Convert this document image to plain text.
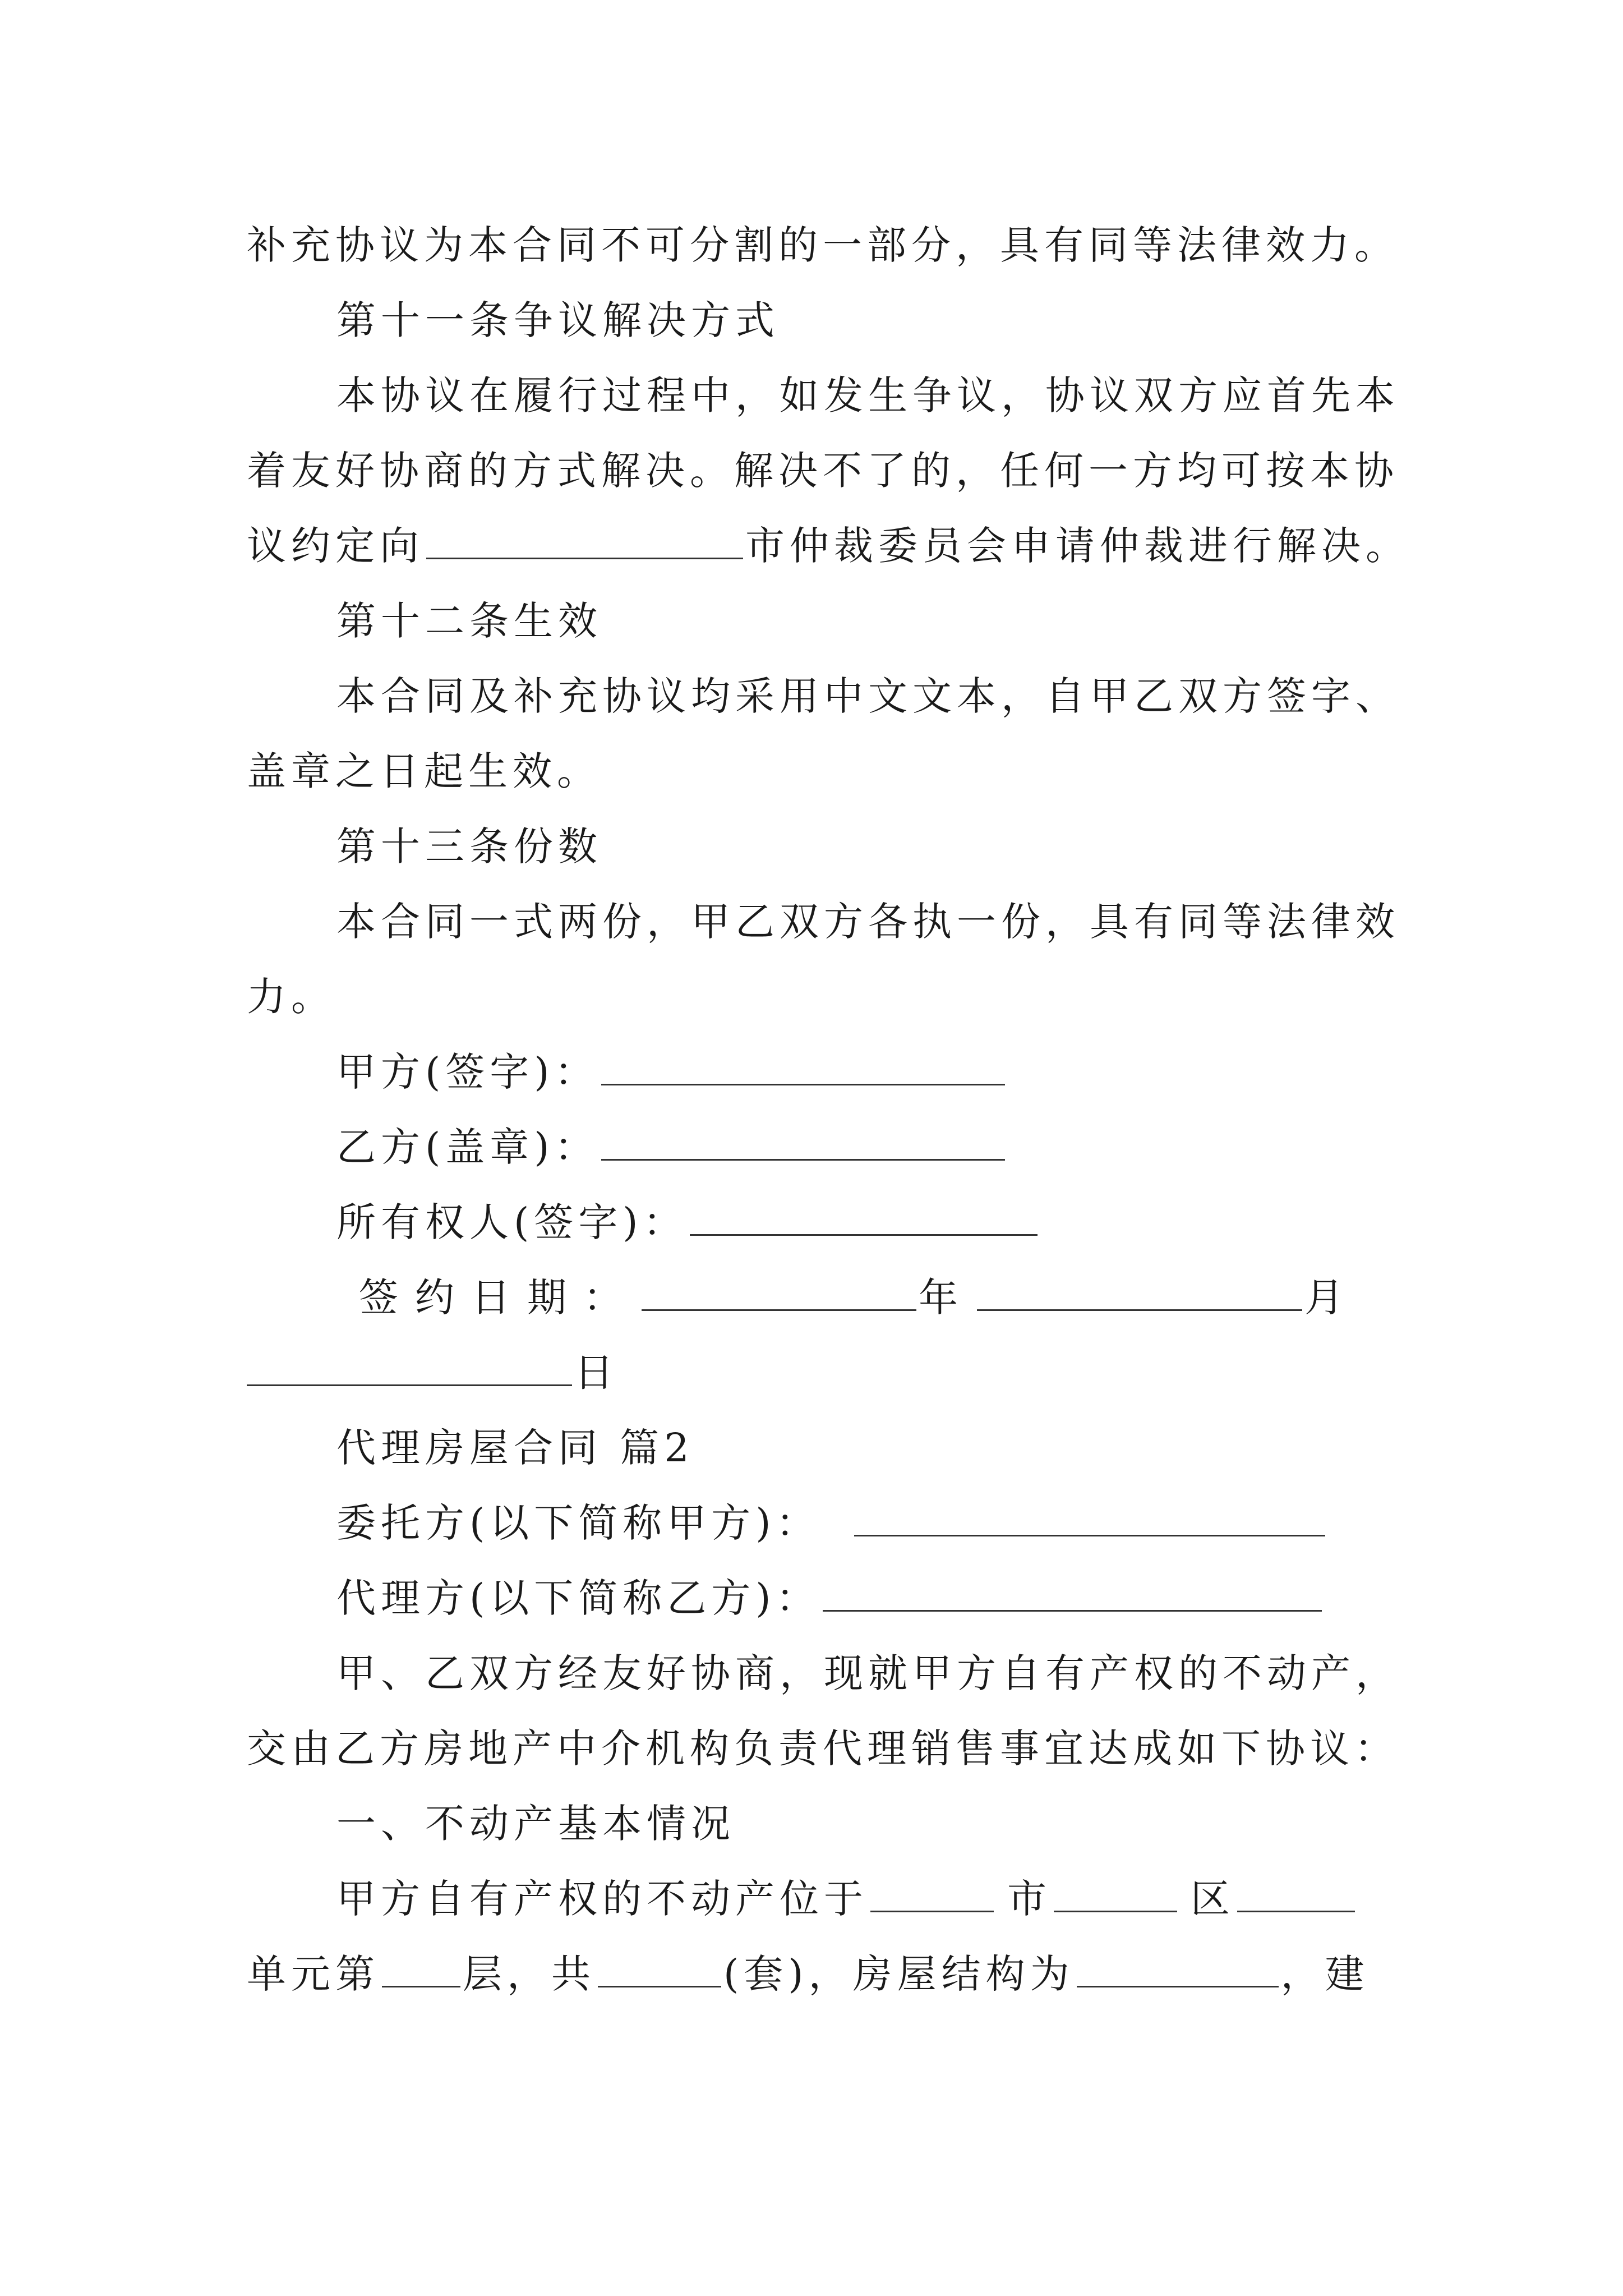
补充协议为本合同不可分割的一部分，具有同等法律效力。
第十一条争议解决方式
本协议在履行过程中，如发生争议，协议双方应首先本
着友好协商的方式解决。解决不了的，任何一方均可按本协
议约定向	市仲裁委员会申请仲裁进行解决。
第十二条生效
本合同及补充协议均采用中文文本，自甲乙双方签字、
盖章之日起生效。
第十三条份数
本合同一式两份，甲乙双方各执一份，具有同等法律效
力。
甲方(签字)：
乙方(盖章)：
所有权人(签字)：
签约日期：	年	月
日
代理房屋合同 篇2
委托方(以下简称甲方)：
代理方(以下简称乙方)：
甲、乙双方经友好协商，现就甲方自有产权的不动产，
交由乙方房地产中介机构负责代理销售事宜达成如下协议：
一、不动产基本情况
甲方自有产权的不动产位于	市	区
单元第 层，共	(套)，房屋结构为	，建
